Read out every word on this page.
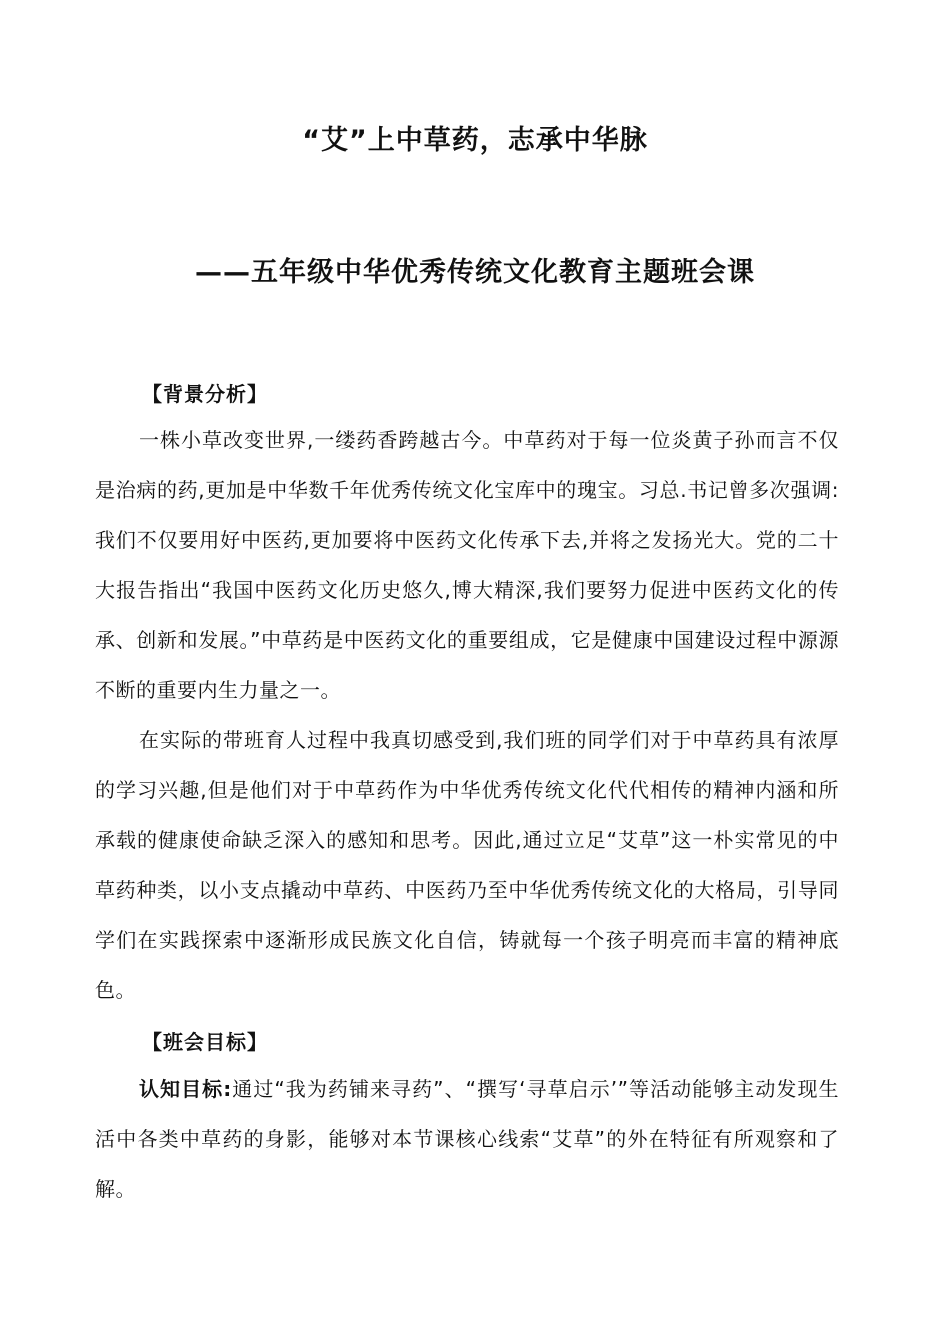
“艾”上中草药，志承中华脉
——五年级中华优秀传统文化教育主题班会课
【背景分析】

一株小草改变世界,一缕药香跨越古今。中草药对于每一位炎黄子孙而言不仅是治病的药,更加是中华数千年优秀传统文化宝库中的瑰宝。习总.书记曾多次强调:我们不仅要用好中医药,更加要将中医药文化传承下去,并将之发扬光大。党的二十大报告指出“我国中医药文化历史悠久,博大精深,我们要努力促进中医药文化的传承、创新和发展。”中草药是中医药文化的重要组成，它是健康中国建设过程中源源不断的重要内生力量之一。

在实际的带班育人过程中我真切感受到,我们班的同学们对于中草药具有浓厚的学习兴趣,但是他们对于中草药作为中华优秀传统文化代代相传的精神内涵和所承载的健康使命缺乏深入的感知和思考。因此,通过立足“艾草”这一朴实常见的中草药种类，以小支点撬动中草药、中医药乃至中华优秀传统文化的大格局，引导同学们在实践探索中逐渐形成民族文化自信，铸就每一个孩子明亮而丰富的精神底色。

【班会目标】

认知目标:通过“我为药铺来寻药”、“撰写‘寻草启示’”等活动能够主动发现生活中各类中草药的身影，能够对本节课核心线索“艾草”的外在特征有所观察和了解。
